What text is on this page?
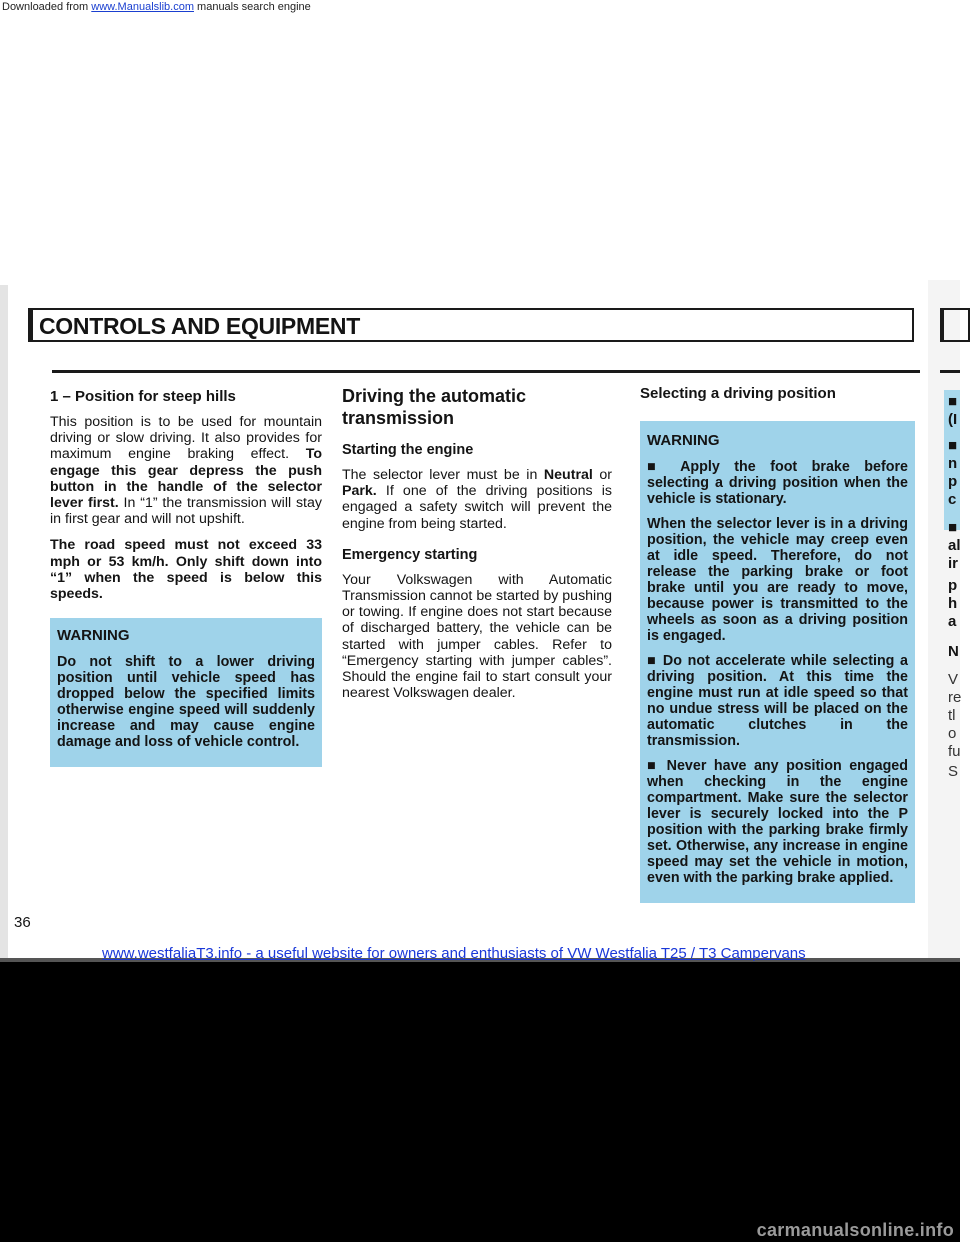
Downloaded from www.Manualslib.com manuals search engine
CONTROLS AND EQUIPMENT
■
(I
■
n
p
c
■
al
ir
p
h
a
N
V
re
tl
o
fu
S
1 – Position for steep hills

This position is to be used for mountain driving or slow driving. It also provides for maximum engine braking effect. To engage this gear depress the push button in the handle of the selector lever first. In “1” the transmission will stay in first gear and will not upshift.

The road speed must not exceed 33 mph or 53 km/h. Only shift down into “1” when the speed is below this speeds.

WARNING

Do not shift to a lower driving position until vehicle speed has dropped below the specified limits otherwise engine speed will suddenly increase and may cause engine damage and loss of vehicle control.

Driving the automatic transmission
Starting the engine

The selector lever must be in Neutral or Park. If one of the driving positions is engaged a safety switch will prevent the engine from being started.

Emergency starting

Your Volkswagen with Automatic Transmission cannot be started by pushing or towing. If engine does not start because of discharged battery, the vehicle can be started with jumper cables. Refer to “Emergency starting with jumper cables”. Should the engine fail to start consult your nearest Volkswagen dealer.

Selecting a driving position

WARNING

■ Apply the foot brake before selecting a driving position when the vehicle is stationary.

When the selector lever is in a driving position, the vehicle may creep even at idle speed. Therefore, do not release the parking brake or foot brake until you are ready to move, because power is transmitted to the wheels as soon as a driving position is engaged.

■ Do not accelerate while selecting a driving position. At this time the engine must run at idle speed so that no undue stress will be placed on the automatic clutches in the transmission.

■ Never have any position engaged when checking in the engine compartment. Make sure the selector lever is securely locked into the P position with the parking brake firmly set. Otherwise, any increase in engine speed may set the vehicle in motion, even with the parking brake applied.

36
www.westfaliaT3.info - a useful website for owners and enthusiasts of VW Westfalia T25 / T3 Campervans
carmanualsonline.info
